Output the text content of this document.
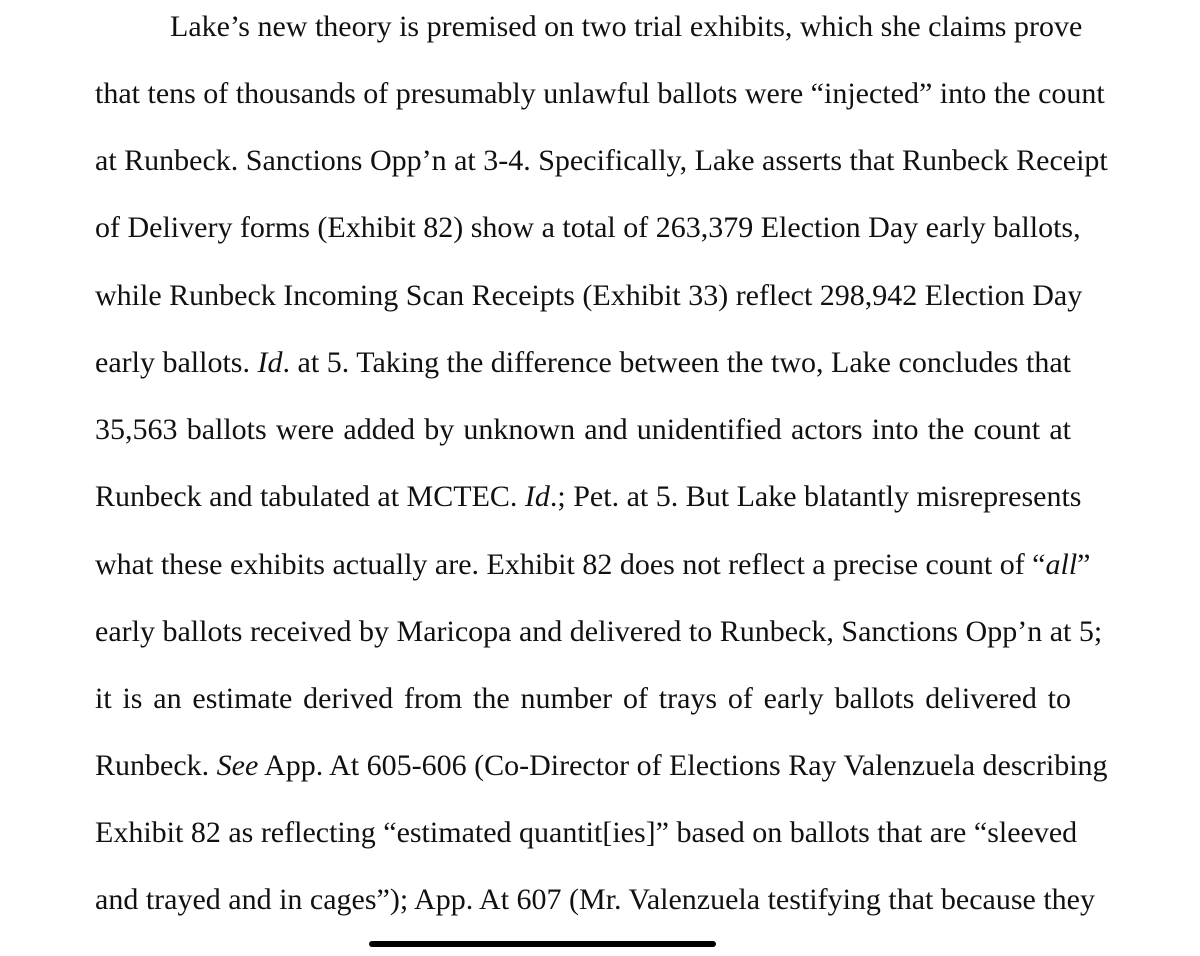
Lake’s new theory is premised on two trial exhibits, which she claims prove
that tens of thousands of presumably unlawful ballots were “injected” into the count
at Runbeck. Sanctions Opp’n at 3-4. Specifically, Lake asserts that Runbeck Receipt
of Delivery forms (Exhibit 82) show a total of 263,379 Election Day early ballots,
while Runbeck Incoming Scan Receipts (Exhibit 33) reflect 298,942 Election Day
early ballots. Id. at 5. Taking the difference between the two, Lake concludes that
35,563 ballots were added by unknown and unidentified actors into the count at
Runbeck and tabulated at MCTEC. Id.; Pet. at 5. But Lake blatantly misrepresents
what these exhibits actually are. Exhibit 82 does not reflect a precise count of “all”
early ballots received by Maricopa and delivered to Runbeck, Sanctions Opp’n at 5;
it is an estimate derived from the number of trays of early ballots delivered to
Runbeck. See App. At 605-606 (Co-Director of Elections Ray Valenzuela describing
Exhibit 82 as reflecting “estimated quantit[ies]” based on ballots that are “sleeved
and trayed and in cages”); App. At 607 (Mr. Valenzuela testifying that because they
